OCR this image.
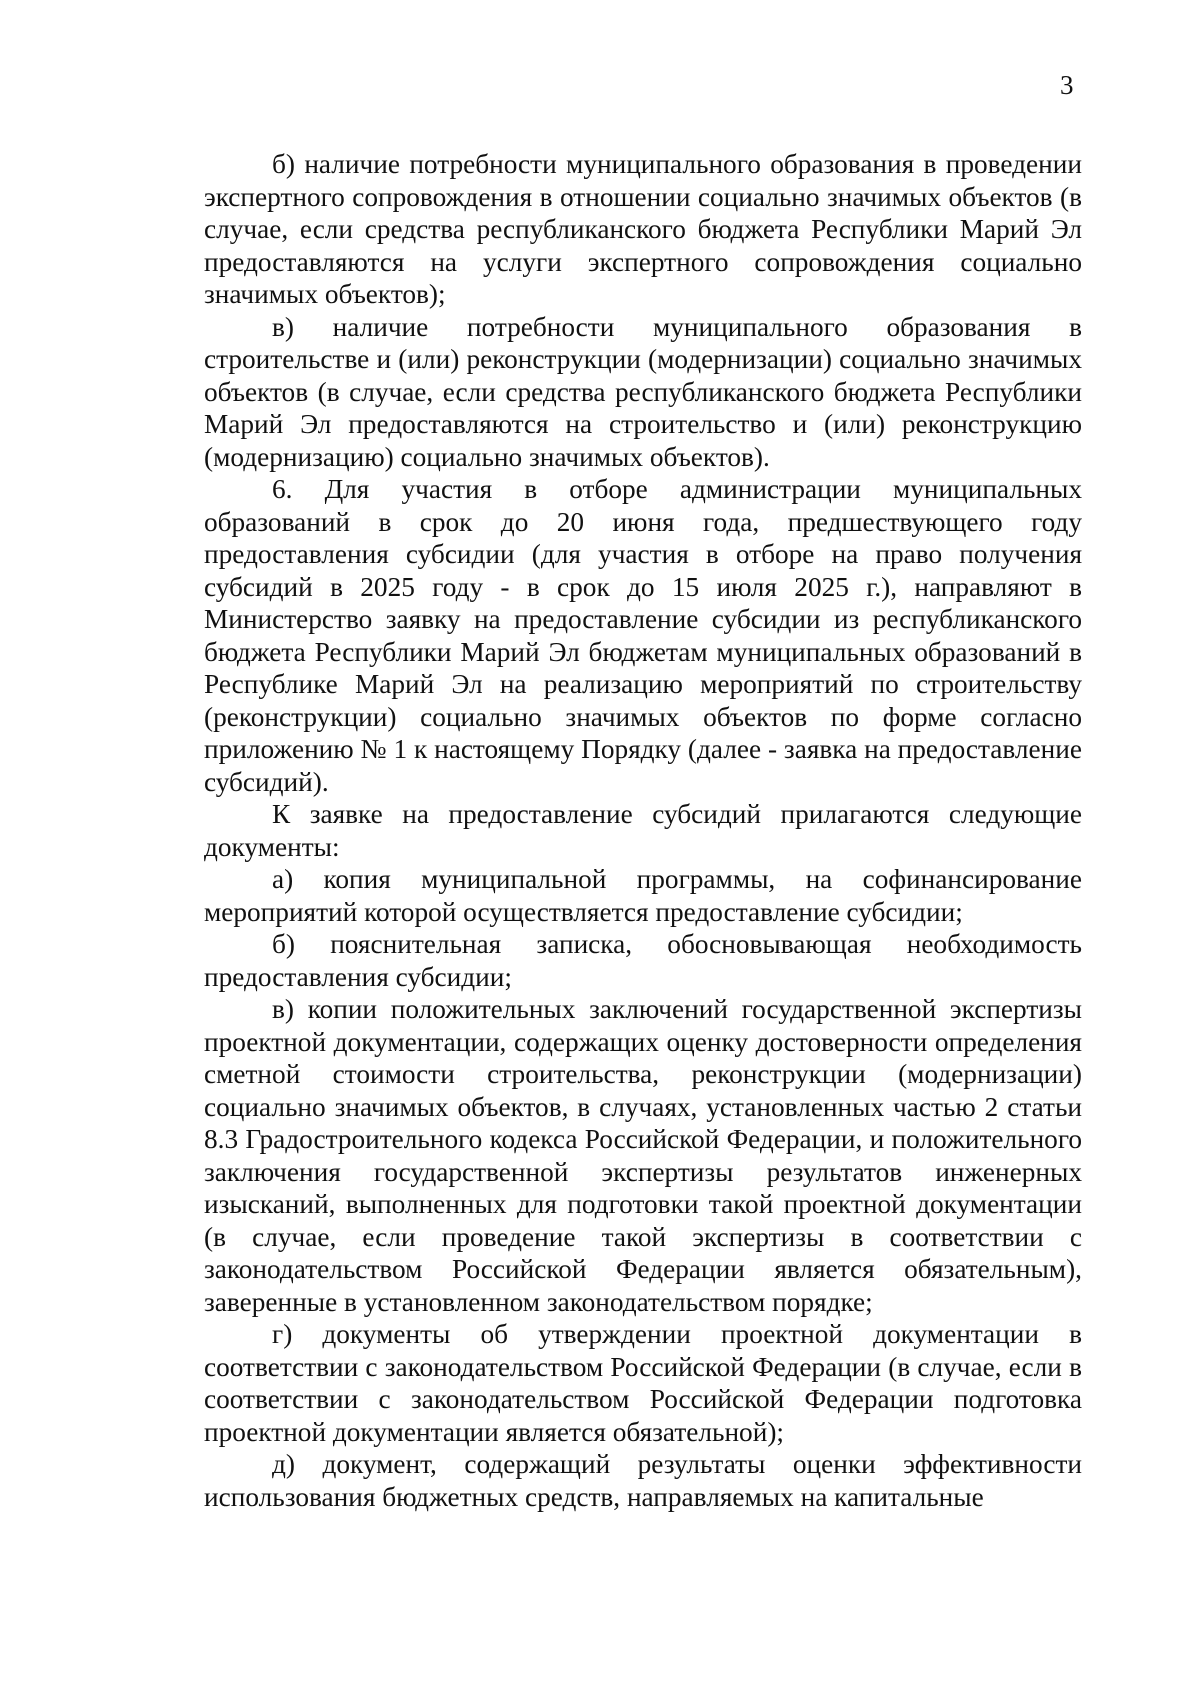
3

б) наличие потребности муниципального образования в проведении экспертного сопровождения в отношении социально значимых объектов (в случае, если средства республиканского бюджета Республики Марий Эл предоставляются на услуги экспертного сопровождения социально значимых объектов);

в) наличие потребности муниципального образования в строительстве и (или) реконструкции (модернизации) социально значимых объектов (в случае, если средства республиканского бюджета Республики Марий Эл предоставляются на строительство и (или) реконструкцию (модернизацию) социально значимых объектов).

6. Для участия в отборе администрации муниципальных образований в срок до 20 июня года, предшествующего году предоставления субсидии (для участия в отборе на право получения субсидий в 2025 году - в срок до 15 июля 2025 г.), направляют в Министерство заявку на предоставление субсидии из республиканского бюджета Республики Марий Эл бюджетам муниципальных образований в Республике Марий Эл на реализацию мероприятий по строительству (реконструкции) социально значимых объектов по форме согласно приложению № 1 к настоящему Порядку (далее - заявка на предоставление субсидий).

К заявке на предоставление субсидий прилагаются следующие документы:

а) копия муниципальной программы, на софинансирование мероприятий которой осуществляется предоставление субсидии;

б) пояснительная записка, обосновывающая необходимость предоставления субсидии;

в) копии положительных заключений государственной экспертизы проектной документации, содержащих оценку достоверности определения сметной стоимости строительства, реконструкции (модернизации) социально значимых объектов, в случаях, установленных частью 2 статьи 8.3 Градостроительного кодекса Российской Федерации, и положительного заключения государственной экспертизы результатов инженерных изысканий, выполненных для подготовки такой проектной документации (в случае, если проведение такой экспертизы в соответствии с законодательством Российской Федерации является обязательным), заверенные в установленном законодательством порядке;

г) документы об утверждении проектной документации в соответствии с законодательством Российской Федерации (в случае, если в соответствии с законодательством Российской Федерации подготовка проектной документации является обязательной);

д) документ, содержащий результаты оценки эффективности использования бюджетных средств, направляемых на капитальные
